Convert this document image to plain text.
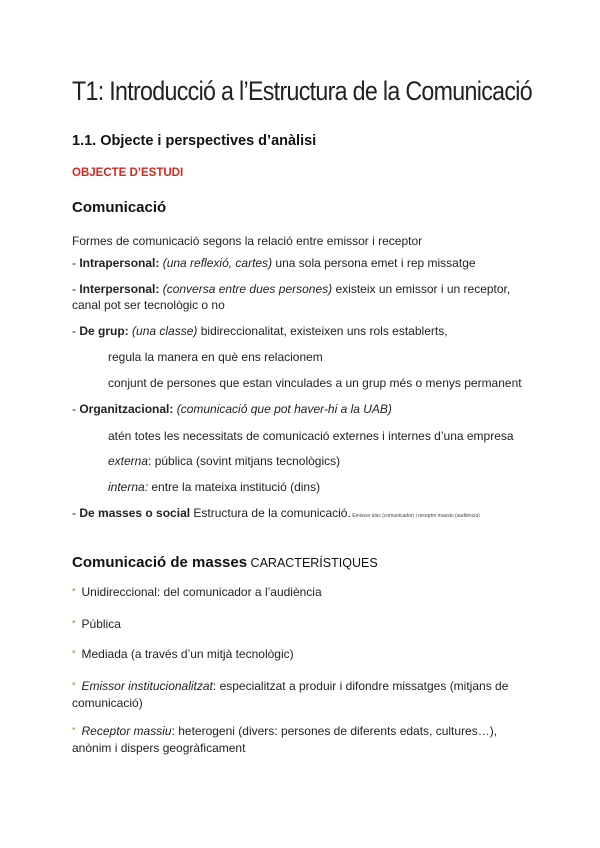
T1: Introducció a l’Estructura de la Comunicació
1.1. Objecte i perspectives d’anàlisi
OBJECTE D’ESTUDI
Comunicació
Formes de comunicació segons la relació entre emissor i receptor
- Intrapersonal: (una reflexió, cartes) una sola persona emet i rep missatge
- Interpersonal: (conversa entre dues persones) existeix un emissor i un receptor,
canal pot ser tecnològic o no
- De grup: (una classe) bidireccionalitat, existeixen uns rols establerts,
regula la manera en què ens relacionem
conjunt de persones que estan vinculades a un grup més o menys permanent
- Organitzacional: (comunicació que pot haver-hi a la UAB)
atén totes les necessitats de comunicació externes i internes d’una empresa
externa: pública (sovint mitjans tecnològics)
interna: entre la mateixa institució (dins)
- De masses o social Estructura de la comunicació. Emissor únic (comunicador) i receptor massiu (audiència)
Comunicació de masses CARACTERÍSTIQUES
• Unidireccional: del comunicador a l’audiència
• Pública
• Mediada (a través d’un mitjà tecnològic)
• Emissor institucionalitzat: especialitzat a produir i difondre missatges (mitjans de
comunicació)
• Receptor massiu: heterogeni (divers: persones de diferents edats, cultures…),
anònim i dispers geogràficament
